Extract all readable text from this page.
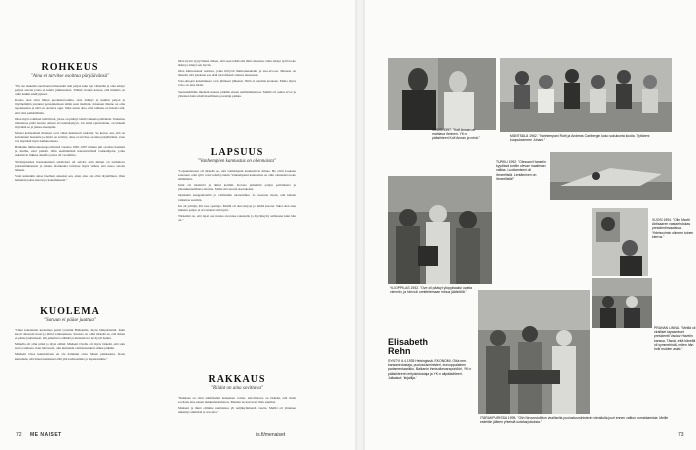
ROHKEUS
"Aina ei tarvitse osoittaa pärjäävänsä"

"En ole itsekään suorittanut mielestäni niin paljon kuin nyt väitetään ja olen tehnyt paljon asioita joista ei kuulu julkisuuteen. Tämän vuoksi katson, että minulla on ollut kaikki edellytykset.

Koska olen ollut ilman puolustusvoimia, olen nähnyt ja kuullut paljon ja myöhemmin joutunut perustelemaan nämä asiat itselleni. Jokainen tilanne on oma tapauksensa ja siitä on otettava oppi. Siksi sanon aina, että rohkeus ei tarkoita sitä, että olisi pelkäämätön.

Olen myös toiminut tehtävissä, joissa on pitänyt tehdä vaikeita päätöksiä. Vaikeissa tilanteissa pitää luottaa omaan arvostelukykyyn. Jos siinä epäonnistuu, on tärkeää myöntää se ja jatkaa eteenpäin.

Monet kohtaamani tilanteet ovat olleet henkisesti raskaita. Se kertoo sen, että on kohdannut haasteita ja niistä on selvitty. Aina ei tarvitse osoittaa pärjäävänsä, vaan voi myöntää myös heikkoutensa.

Balkanin ihmisoikeusraportöörinä vuosina 1995–1997 minun piti osoittaa itselleni ja muille, ettei pelkää. Olin ensimmäisiä kansainvälisiä tarkkailijoita, jotka uskalsivat liikkua alueilla joissa oli vaarallista.

Yhdistyneiden Kansakuntien tehtävissä oli selvää, että minun on toimittava johdonmukaisesti ja oikein. Rohkeutta tarvitsee myös siihen, että sanoo asioita ääneen.

Voin kuitenkin antaa itselleni anteeksi sen, etten aina ole ollut täydellinen. Olen halunnut jakaa tietoni ja kokemukseni."

KUOLEMA
"Suruun ei pääse juuttua"

"Olen kohdannut kuolemaa paitsi työssäni Balkanilla, myös lähipiirissäni. Isäni kuoli ollessani nuori ja äitini vanhuudessa. Surussa on ollut tärkeää se, että siihen ei pääse juuttumaan. On jatkettava elämää ja muistettava ne hyvät hetket.

Minulla oli ollut pitkä ja täysi elämä. Mieheni Ovelle oli myös tärkeää, että sain surra rauhassa. Kun hän kuoli, olin kuitenkin valmistautunut siihen pitkään.

Mieheni Ovea kunnioittaen en ole halunnut ottaa hänen paikkaansa. Koen kuitenkin, että hänen henkensä elää yhä kodissamme ja lapsissamme."

Olen hyvin tyytyväinen siihen, että saan tehdä sitä mitä rakastan. Olen tehnyt työtä koko ikäni ja tehnyt sen hyvin.

Olen kiinnostunut asioista, jotka liittyvät ihmisoikeuksiin ja tasa-arvoon. Minusta on tärkeää, että jokainen saa elää turvallisesti omassa maassaan.

Sota-aikojen kokemukset ovat jättäneet jälkensä. Niitä ei unohda koskaan. Mutta myös toivo on aina läsnä.

Seurustelimme mieheni kanssa pitkään ennen naimisiinmenoa. Meillä oli samat arvot ja yhteinen halu tehdä maailmasta parempi paikka.

LAPSUUS
"Vanhempien kannustus on olennaista"

"Lapsuudessani oli tärkeää se, että vanhempani kannustivat minua. He eivät koskaan sanoneet, ettei tyttö voisi tehdä jotakin. Vanhempieni kannustus on ollut olennaista koko elämälleni.

Isäni oli insinööri ja äitini kotiäiti. Kotona puhuttiin paljon politiikasta ja yhteiskunnallisista asioista. Minä olin nuorin sisaruksista.

Opiskelin kauppatieteitä ja valmistuin ekonomiksi. Jo nuorena tiesin, että haluan vaikuttaa asioihin.

Isä oli yrittäjä, äiti taas opettaja. Meillä oli aina kirjoja ja lehtiä kotona. Siksi olen aina lukenut paljon ja arvostanut sivistystä.

Tärkeintä on, että lapsi saa tuntea olevansa rakastettu ja hyväksytty sellaisena kuin hän on."

RAKKAUS
"Riidat on aina sovittava"

"Rakkaus on ollut elämässäni keskeinen voima. Avioliitossa on tärkeää, että riidat sovitaan aina ennen nukkumaanmenoa. Muuten ne kasvavat liian suuriksi.

Mieheni ja minä olimme naimisissa yli neljäkymmentä vuotta. Meillä oli yhteinen näkemys elämästä ja arvoista."

72 ME NAISET	is.fi/menaiset
VUOSI 1997. "Kofi Annan on mahtava ihminen. YK:n pääsihteeri Kofi Annan ja minä."
MÄNTSÄLÄ 1962. "Vanhempani Ruth ja Andreas Carlbergin koko sukukunta koolla. Tyttäreni kuopuksemme Juhani."
TURKU 1992. "Olessani Hamelin kyydissä tuntiin olevan maailman valtias. Luottamiseni oli ihmeellistä. Lentäminen on ihmeellistä!"
YLIOPPILAS 1952. "Ove oli pääsyt ylioppilaaksi ovatta vienniin, ja hän tuli onnittelemaan minua jäätelöllä."
VUOSI 1994. "Olin Martti Ahtisaaren vastaehdokas presidentinvaalissa. Yhteisvoimin olimme toinen kierros."
PRAHAN LINNA. "Meillä oli viralliset tapaamiset presidentti Vaclav Havelin kanssa. Tässä, että hänellä oli symmetristä, miten hän hoiti muiden asiat."
Elisabeth
Rehn
SYNTYI 6.4.1935 Helsingissä. EKONOMI. Ollut mm. kansanedustaja, puolustusministeri, eurooppalainen parlamentaarikko. Balkanin ihmisoikeusraportööri, YK:n pääsihteerin erityisedustaja ja YK:n alipääsihteeri. Julkaisut: 'kirjailija.'
ITÄRAKPURISSA 1995. "Olin Neuvostoliiton virallisella puolustusministerin vierailulla juuri ennen valtion romahtamista. Meille esiteltiin jälleen yhteisiä sotaharjoituksia."
73
